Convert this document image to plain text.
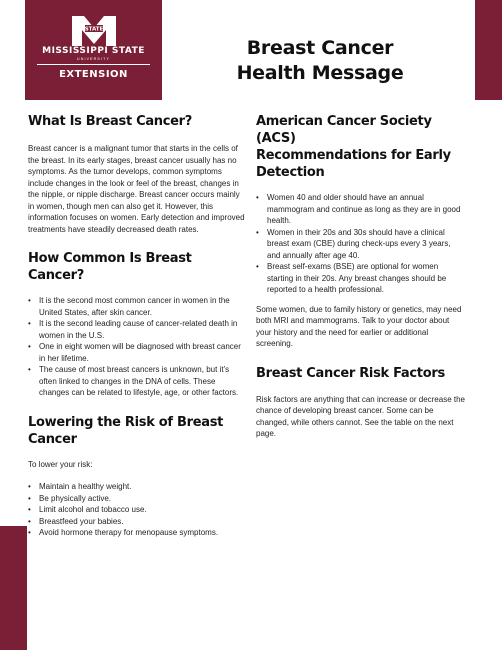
STATE
MISSISSIPPI STATE
UNIVERSITY
EXTENSION
Breast Cancer
Health Message
What Is Breast Cancer?

Breast cancer is a malignant tumor that starts in the cells of the breast. In its early stages, breast cancer usually has no symptoms. As the tumor develops, common symptoms include changes in the look or feel of the breast, changes in the nipple, or nipple discharge. Breast cancer occurs mainly in women, though men can also get it. However, this information focuses on women. Early detection and improved treatments have steadily decreased death rates.

How Common Is Breast Cancer?
• It is the second most common cancer in women in the United States, after skin cancer.
• It is the second leading cause of cancer-related death in women in the U.S.
• One in eight women will be diagnosed with breast cancer in her lifetime.
• The cause of most breast cancers is unknown, but it’s often linked to changes in the DNA of cells. These changes can be related to lifestyle, age, or other factors.
Lowering the Risk of Breast Cancer

To lower your risk:

• Maintain a healthy weight.
• Be physically active.
• Limit alcohol and tobacco use.
• Breastfeed your babies.
• Avoid hormone therapy for menopause symptoms.
American Cancer Society (ACS)
Recommendations for Early Detection
• Women 40 and older should have an annual mammogram and continue as long as they are in good health.
• Women in their 20s and 30s should have a clinical breast exam (CBE) during check-ups every 3 years, and annually after age 40.
• Breast self-exams (BSE) are optional for women starting in their 20s. Any breast changes should be reported to a health professional.

Some women, due to family history or genetics, may need both MRI and mammograms. Talk to your doctor about your history and the need for earlier or additional screening.

Breast Cancer Risk Factors

Risk factors are anything that can increase or decrease the chance of developing breast cancer. Some can be changed, while others cannot. See the table on the next page.
